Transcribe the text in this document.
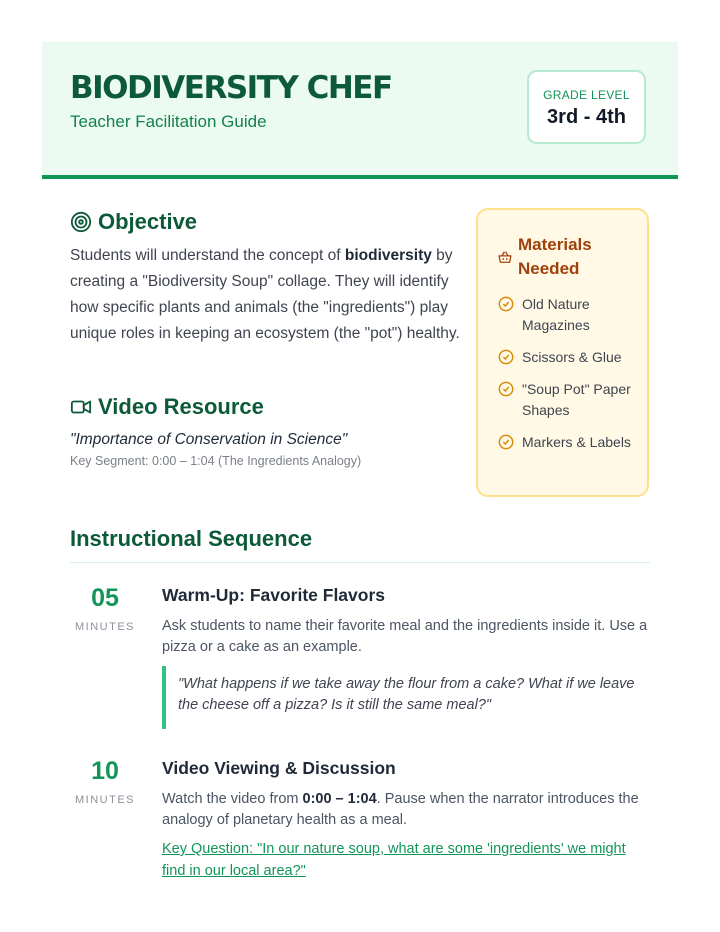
BIODIVERSITY CHEF
Teacher Facilitation Guide
GRADE LEVEL
3rd - 4th
Objective

Students will understand the concept of biodiversity by creating a "Biodiversity Soup" collage. They will identify how specific plants and animals (the "ingredients") play unique roles in keeping an ecosystem (the "pot") healthy.

Video Resource
"Importance of Conservation in Science"
Key Segment: 0:00 – 1:04 (The Ingredients Analogy)
Materials Needed
Old Nature Magazines
Scissors & Glue
"Soup Pot" Paper Shapes
Markers & Labels
Instructional Sequence
05
MINUTES
Warm-Up: Favorite Flavors

Ask students to name their favorite meal and the ingredients inside it. Use a pizza or a cake as an example.

"What happens if we take away the flour from a cake? What if we leave the cheese off a pizza? Is it still the same meal?"

10
MINUTES
Video Viewing & Discussion

Watch the video from 0:00 – 1:04. Pause when the narrator introduces the analogy of planetary health as a meal.

Key Question: "In our nature soup, what are some 'ingredients' we might find in our local area?"
